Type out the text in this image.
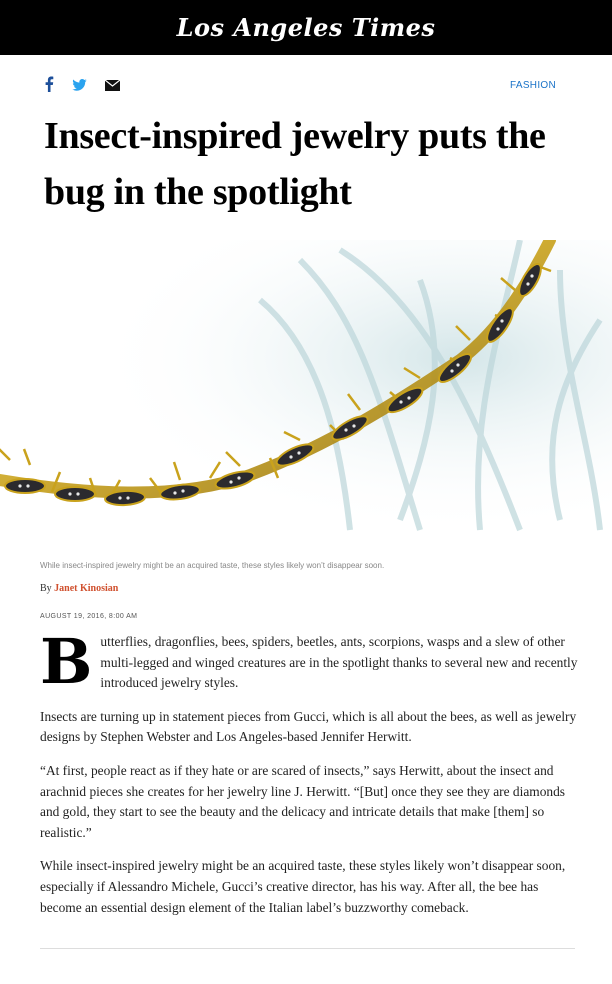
Los Angeles Times
FASHION
Insect-inspired jewelry puts the bug in the spotlight
While insect-inspired jewelry might be an acquired taste, these styles likely won’t disappear soon.
By Janet Kinosian
AUGUST 19, 2016, 8:00 AM

Butterflies, dragonflies, bees, spiders, beetles, ants, scorpions, wasps and a slew of other multi-legged and winged creatures are in the spotlight thanks to several new and recently introduced jewelry styles.

Insects are turning up in statement pieces from Gucci, which is all about the bees, as well as jewelry designs by Stephen Webster and Los Angeles-based Jennifer Herwitt.

“At first, people react as if they hate or are scared of insects,” says Herwitt, about the insect and arachnid pieces she creates for her jewelry line J. Herwitt. “[But] once they see they are diamonds and gold, they start to see the beauty and the delicacy and intricate details that make [them] so realistic.”

While insect-inspired jewelry might be an acquired taste, these styles likely won’t disappear soon, especially if Alessandro Michele, Gucci’s creative director, has his way. After all, the bee has become an essential design element of the Italian label’s buzzworthy comeback.
